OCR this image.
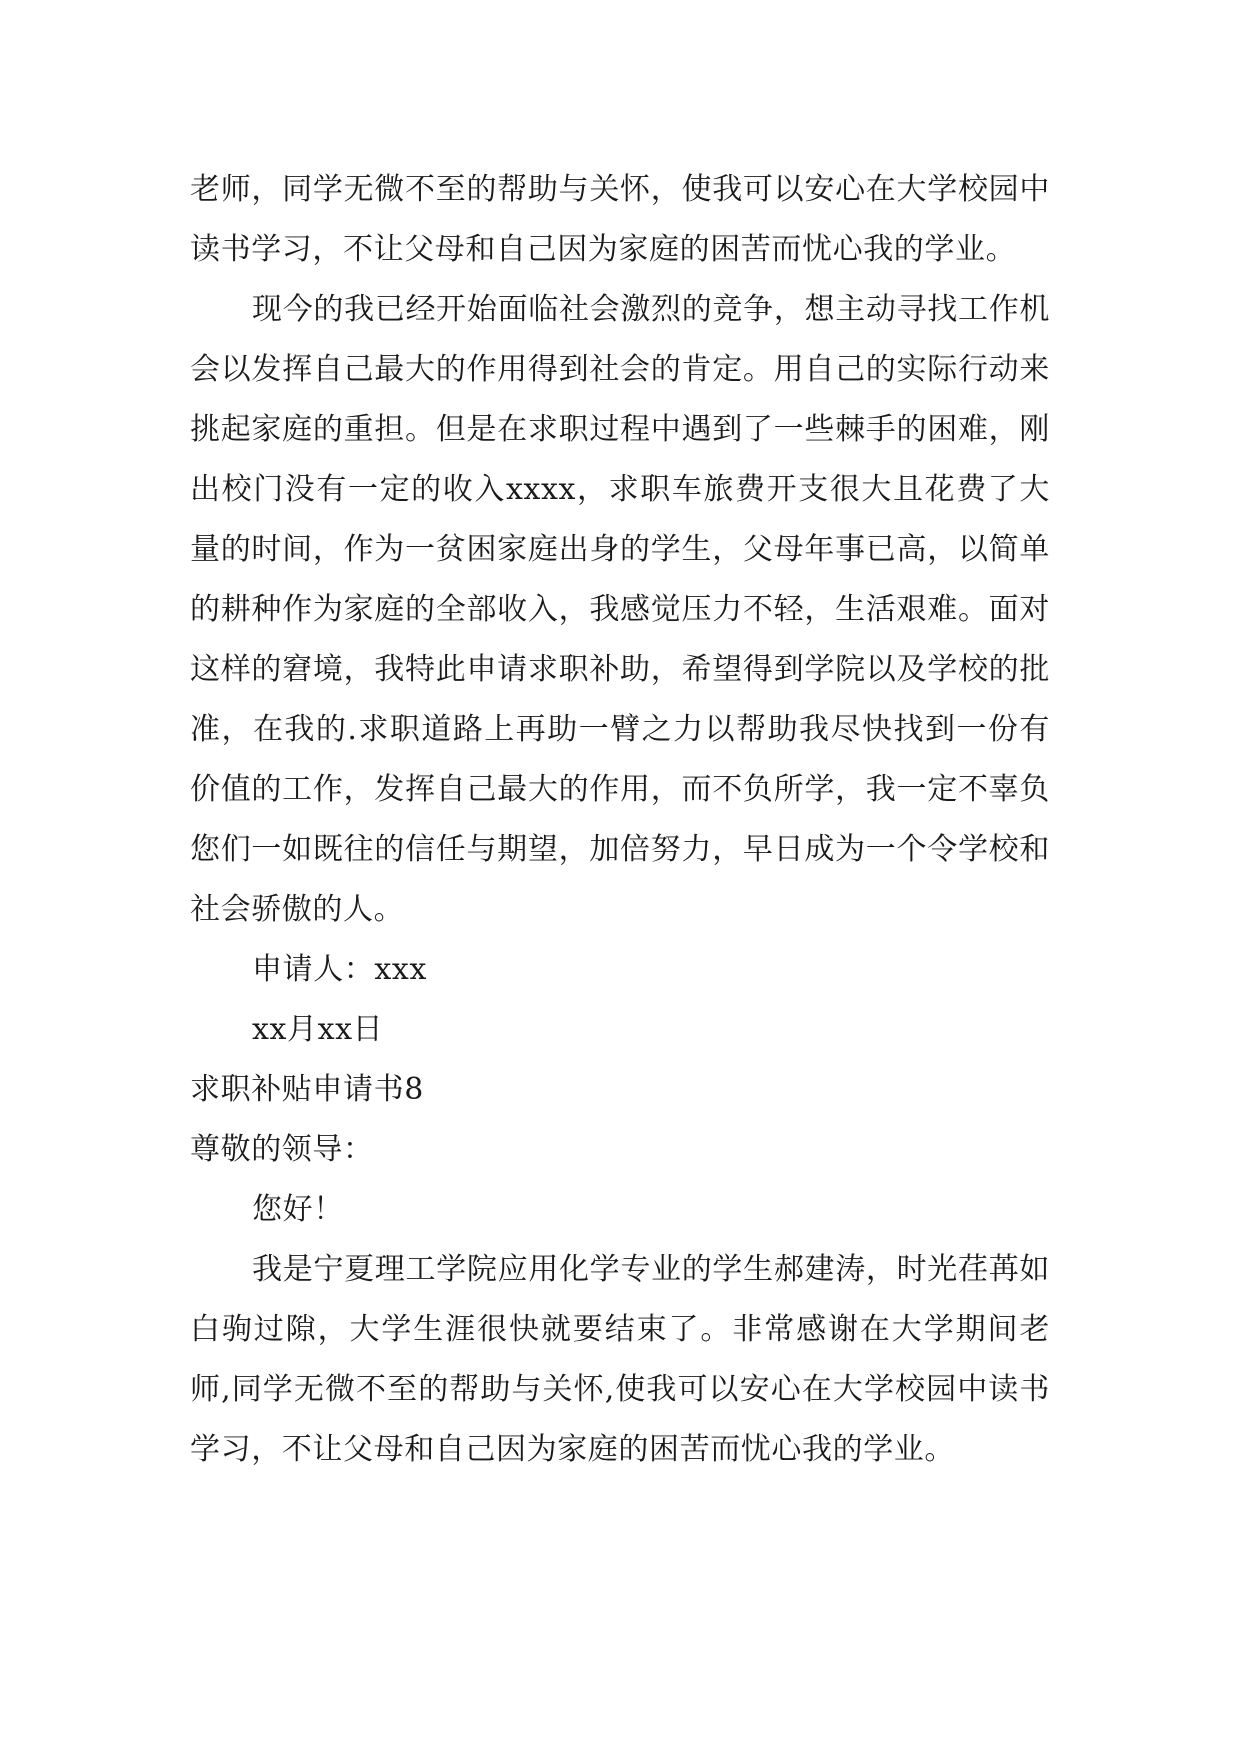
老师，同学无微不至的帮助与关怀，使我可以安心在大学校园中读书学习，不让父母和自己因为家庭的困苦而忧心我的学业。

现今的我已经开始面临社会激烈的竞争，想主动寻找工作机会以发挥自己最大的作用得到社会的肯定。用自己的实际行动来挑起家庭的重担。但是在求职过程中遇到了一些棘手的困难，刚出校门没有一定的收入xxxx，求职车旅费开支很大且花费了大量的时间，作为一贫困家庭出身的学生，父母年事已高，以简单的耕种作为家庭的全部收入，我感觉压力不轻，生活艰难。面对这样的窘境，我特此申请求职补助，希望得到学院以及学校的批准，在我的.求职道路上再助一臂之力以帮助我尽快找到一份有价值的工作，发挥自己最大的作用，而不负所学，我一定不辜负您们一如既往的信任与期望，加倍努力，早日成为一个令学校和社会骄傲的人。

申请人：xxx

xx月xx日

求职补贴申请书8

尊敬的领导：

您好！

我是宁夏理工学院应用化学专业的学生郝建涛，时光荏苒如白驹过隙，大学生涯很快就要结束了。非常感谢在大学期间老师,同学无微不至的帮助与关怀,使我可以安心在大学校园中读书学习，不让父母和自己因为家庭的困苦而忧心我的学业。
